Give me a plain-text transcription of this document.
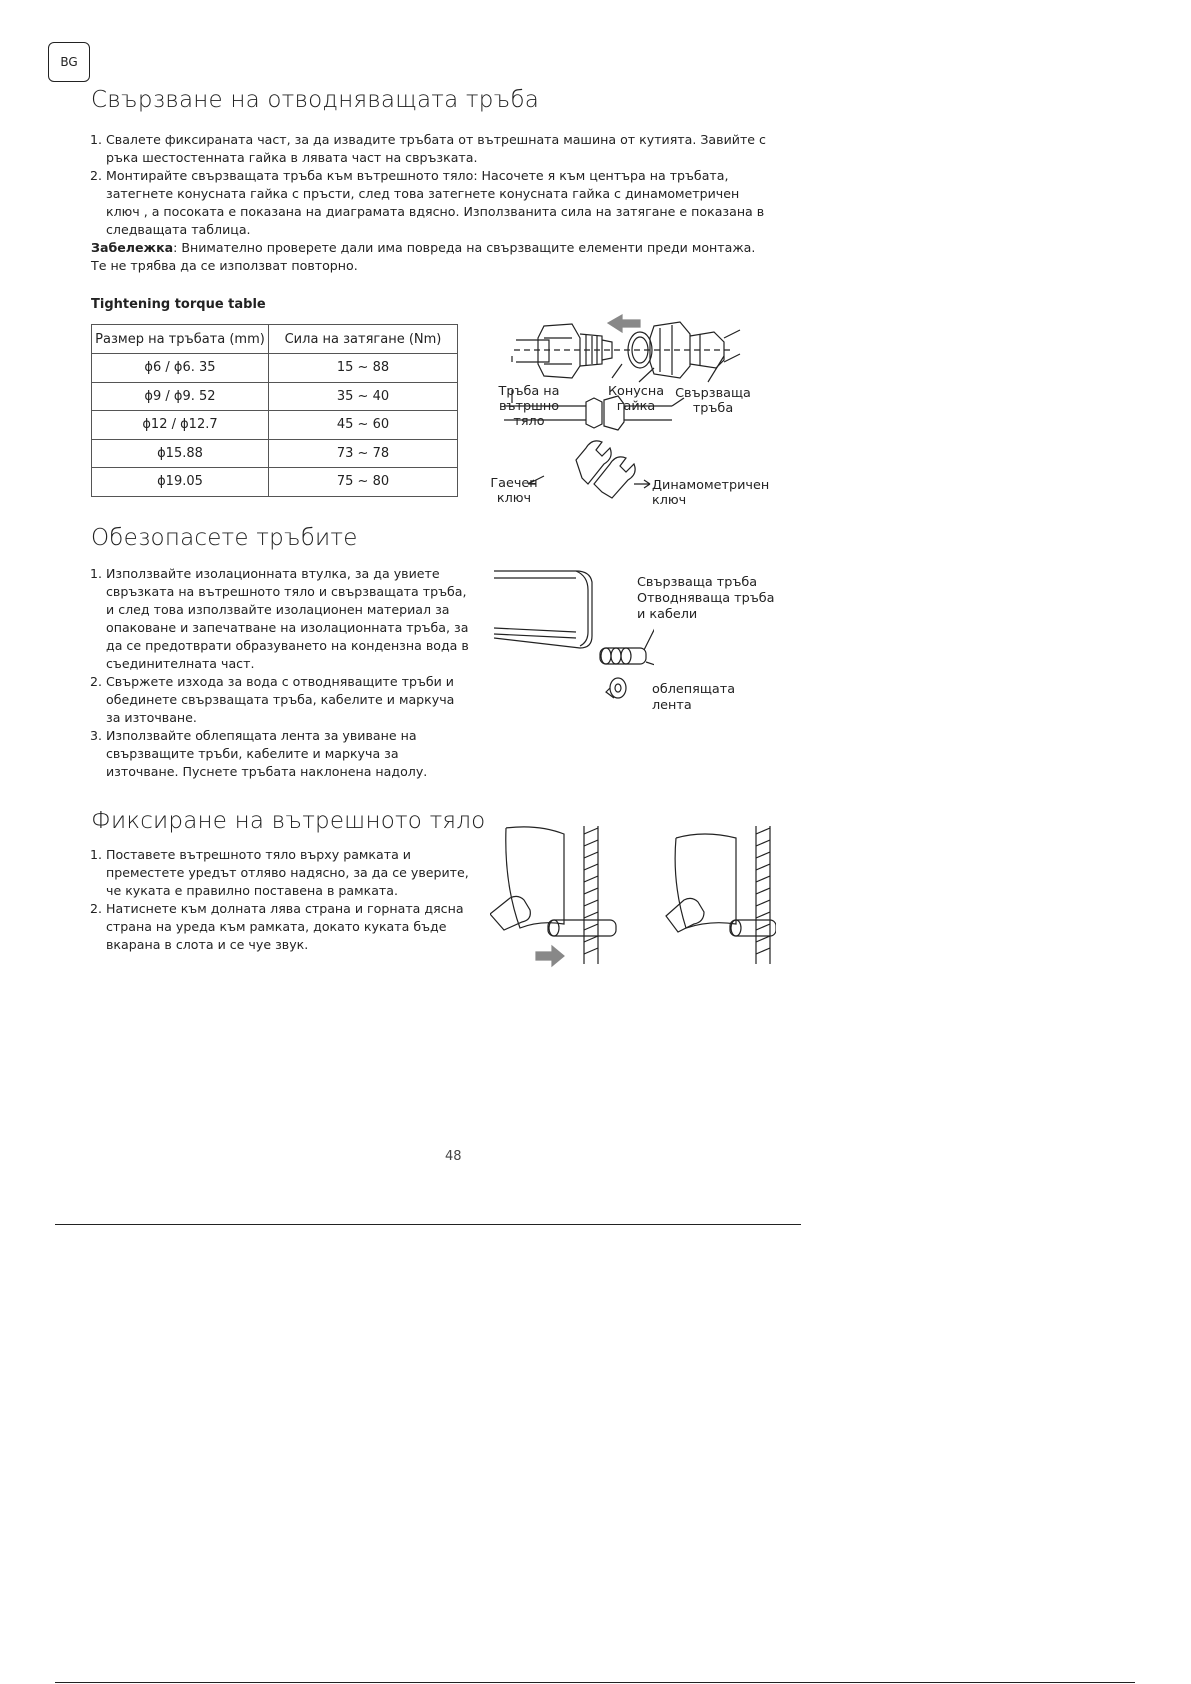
BG
Свързване на отводняващата тръба
1. Свалете фиксираната част, за да извадите тръбата от вътрешната машина от кутията. Завийте с ръка шестостенната гайка в лявата част на свръзката.
2. Монтирайте свързващата тръба към вътрешното тяло: Насочете я към центъра на тръбата, затегнете конусната гайка с пръсти, след това затегнете конусната гайка с динамометричен ключ , а посоката е показана на диаграмата вдясно. Използванита сила на затягане е показана в следващата таблица.
Забележка: Внимателно проверете дали има повреда на свързващите елементи преди монтажа. Те не трябва да се използват повторно.
Tightening torque table
Размер на тръбата (mm)	Сила на затягане (Nm)
ϕ6 / ϕ6. 35	15 ~ 88
ϕ9 / ϕ9. 52	35 ~ 40
ϕ12 / ϕ12.7	45 ~ 60
ϕ15.88	73 ~ 78
ϕ19.05	75 ~ 80
Тръба на вътршно тяло
Конусна гайка
Свързваща тръба
Гаечен ключ
Динамометричен ключ
Обезопасете тръбите
1. Използвайте изолационната втулка, за да увиете свръзката на вътрешното тяло и свързващата тръба, и след това използвайте изолационен материал за опаковане и запечатване на изолационната тръба, за да се предотврати образуването на кондензна вода в съединителната част.
2. Свържете изхода за вода с отводняващите тръби и обединете свързващата тръба, кабелите и маркуча за източване.
3. Използвайте облепящата лента за увиване на свързващите тръби, кабелите и маркуча за източване. Пуснете тръбата наклонена надолу.
Свързваща тръба Отводняваща тръба и кабели
облепящата лента
Фиксиране на вътрешното тяло
1. Поставете вътрешното тяло върху рамката и преместете уредът отляво надясно, за да се уверите, че куката е правилно поставена в рамката.
2. Натиснете към долната лява страна и горната дясна страна на уреда към рамката, докато куката бъде вкарана в слота и се чуе звук.
48
